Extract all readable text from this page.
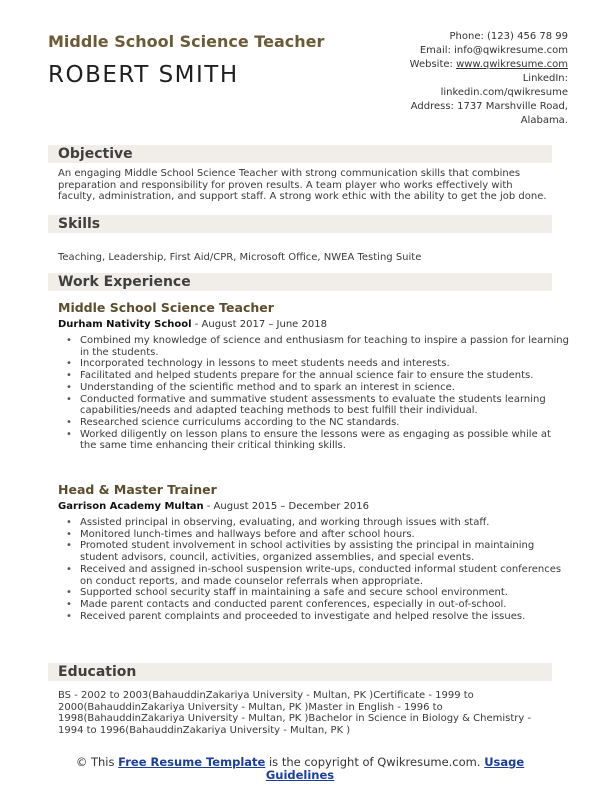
Middle School Science Teacher
ROBERT SMITH
Phone: (123) 456 78 99
Email: info@qwikresume.com
Website: www.qwikresume.com
LinkedIn:
linkedin.com/qwikresume
Address: 1737 Marshville Road,
Alabama.
Objective
An engaging Middle School Science Teacher with strong communication skills that combines preparation and responsibility for proven results. A team player who works effectively with faculty, administration, and support staff. A strong work ethic with the ability to get the job done.
Skills
Teaching, Leadership, First Aid/CPR, Microsoft Office, NWEA Testing Suite
Work Experience
Middle School Science Teacher
Durham Nativity School - August 2017 – June 2018
• Combined my knowledge of science and enthusiasm for teaching to inspire a passion for learning in the students.
• Incorporated technology in lessons to meet students needs and interests.
• Facilitated and helped students prepare for the annual science fair to ensure the students.
• Understanding of the scientific method and to spark an interest in science.
• Conducted formative and summative student assessments to evaluate the students learning capabilities/needs and adapted teaching methods to best fulfill their individual.
• Researched science curriculums according to the NC standards.
• Worked diligently on lesson plans to ensure the lessons were as engaging as possible while at the same time enhancing their critical thinking skills.
Head & Master Trainer
Garrison Academy Multan - August 2015 – December 2016
• Assisted principal in observing, evaluating, and working through issues with staff.
• Monitored lunch-times and hallways before and after school hours.
• Promoted student involvement in school activities by assisting the principal in maintaining student advisors, council, activities, organized assemblies, and special events.
• Received and assigned in-school suspension write-ups, conducted informal student conferences on conduct reports, and made counselor referrals when appropriate.
• Supported school security staff in maintaining a safe and secure school environment.
• Made parent contacts and conducted parent conferences, especially in out-of-school.
• Received parent complaints and proceeded to investigate and helped resolve the issues.
Education
BS - 2002 to 2003(BahauddinZakariya University - Multan, PK )Certificate - 1999 to 2000(BahauddinZakariya University - Multan, PK )Master in English - 1996 to 1998(BahauddinZakariya University - Multan, PK )Bachelor in Science in Biology & Chemistry - 1994 to 1996(BahauddinZakariya University - Multan, PK )
© This Free Resume Template is the copyright of Qwikresume.com. Usage Guidelines
